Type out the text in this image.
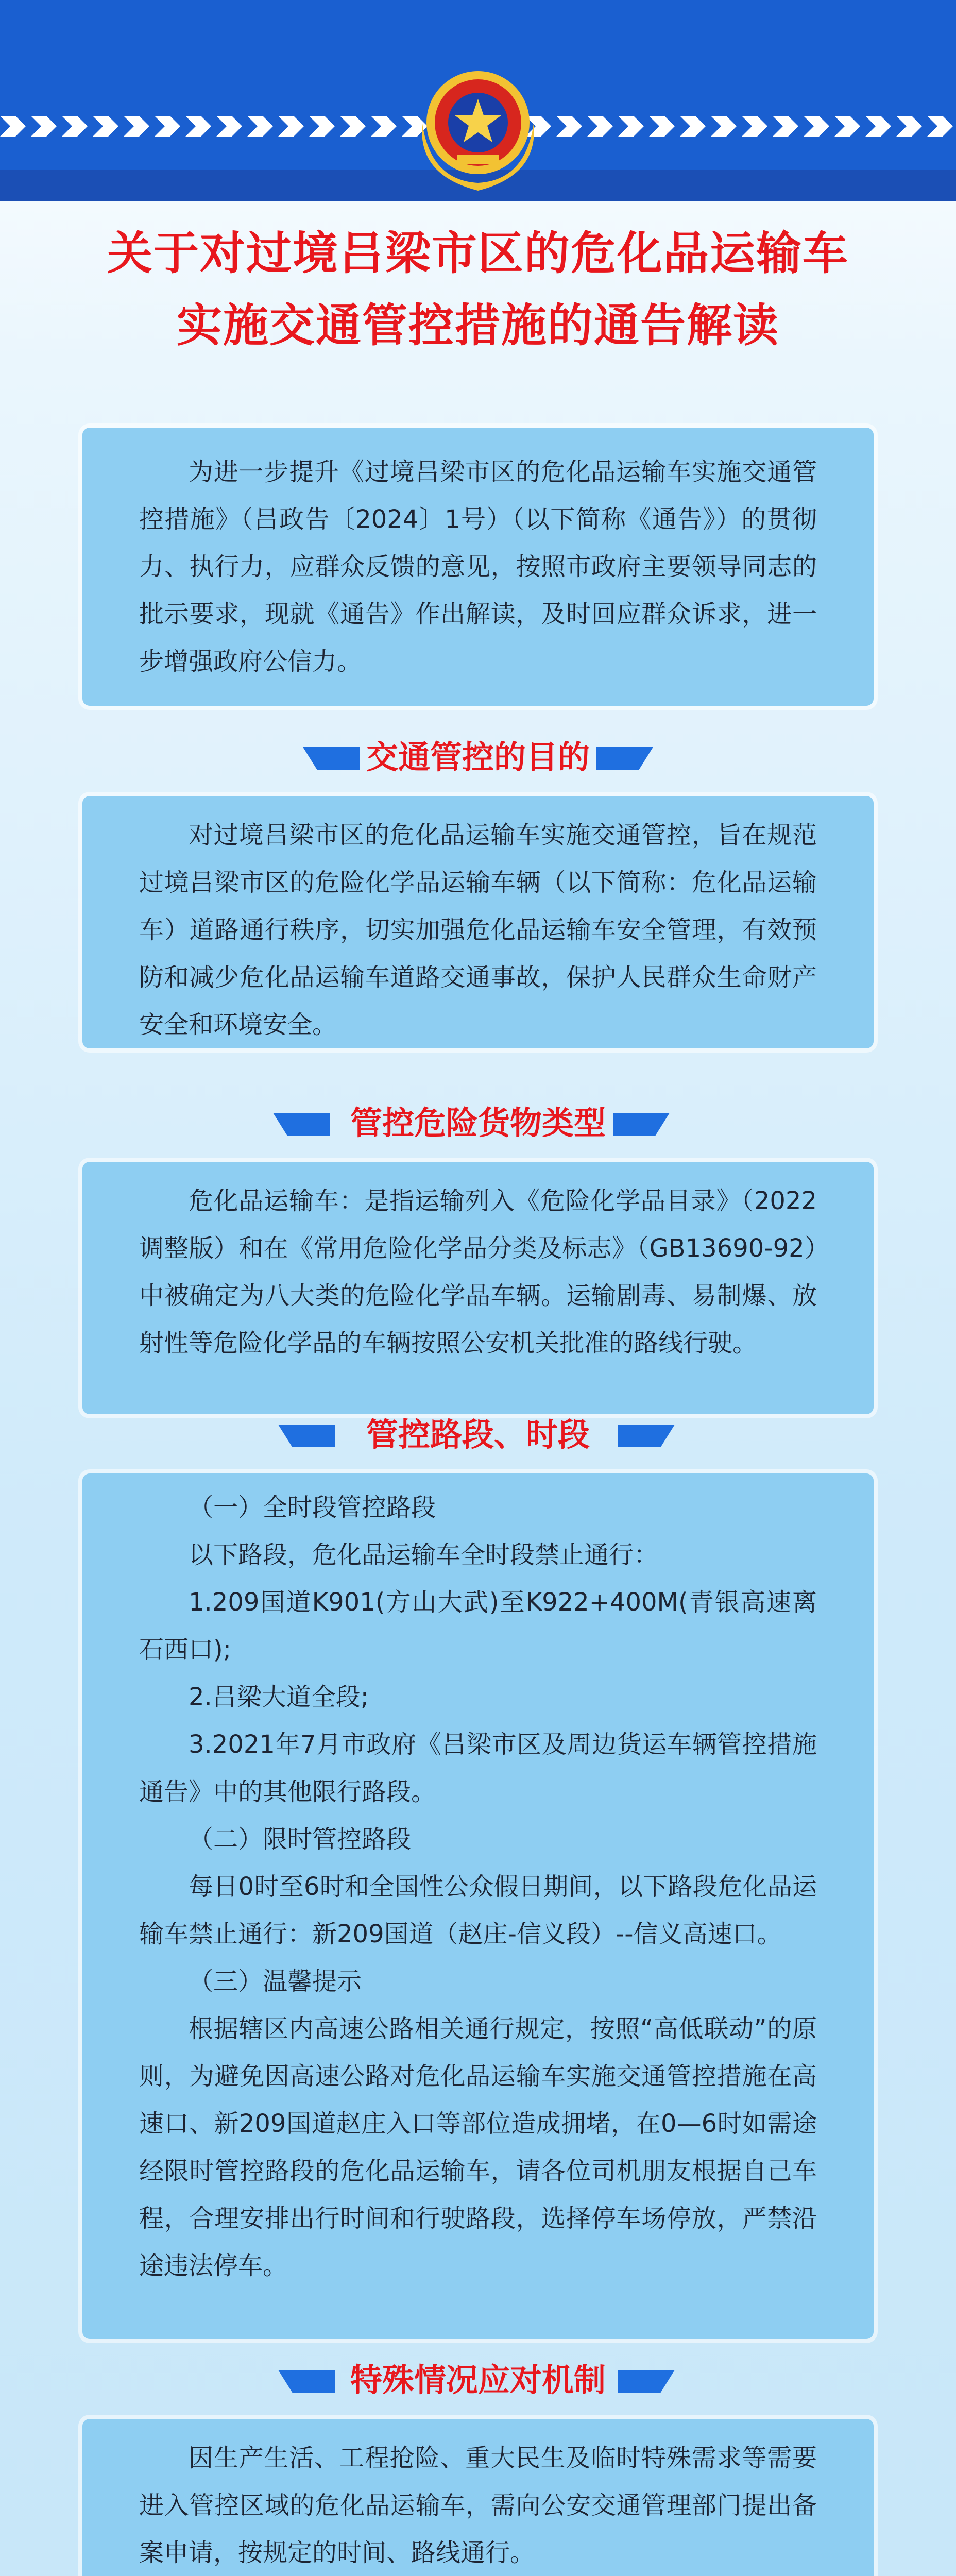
关于对过境吕梁市区的危化品运输车
实施交通管控措施的通告解读

为进一步提升《过境吕梁市区的危化品运输车实施交通管控措施》（吕政告〔2024〕1号）（以下简称《通告》）的贯彻力、执行力，应群众反馈的意见，按照市政府主要领导同志的批示要求，现就《通告》作出解读，及时回应群众诉求，进一步增强政府公信力。

交通管控的目的

对过境吕梁市区的危化品运输车实施交通管控，旨在规范过境吕梁市区的危险化学品运输车辆（以下简称：危化品运输车）道路通行秩序，切实加强危化品运输车安全管理，有效预防和减少危化品运输车道路交通事故，保护人民群众生命财产安全和环境安全。

管控危险货物类型

危化品运输车：是指运输列入《危险化学品目录》（2022调整版）和在《常用危险化学品分类及标志》（GB13690-92）中被确定为八大类的危险化学品车辆。运输剧毒、易制爆、放射性等危险化学品的车辆按照公安机关批准的路线行驶。

管控路段、时段

（一）全时段管控路段

以下路段，危化品运输车全时段禁止通行：

1.209国道K901(方山大武)至K922+400M(青银高速离石西口);

2.吕梁大道全段;

3.2021年7月市政府《吕梁市区及周边货运车辆管控措施通告》中的其他限行路段。

（二）限时管控路段

每日0时至6时和全国性公众假日期间，以下路段危化品运输车禁止通行：新209国道（赵庄-信义段）--信义高速口。

（三）温馨提示

根据辖区内高速公路相关通行规定，按照“高低联动”的原则，为避免因高速公路对危化品运输车实施交通管控措施在高速口、新209国道赵庄入口等部位造成拥堵，在0—6时如需途经限时管控路段的危化品运输车，请各位司机朋友根据自己车程，合理安排出行时间和行驶路段，选择停车场停放，严禁沿途违法停车。

特殊情况应对机制

因生产生活、工程抢险、重大民生及临时特殊需求等需要进入管控区域的危化品运输车，需向公安交通管理部门提出备案申请，按规定的时间、路线通行。
